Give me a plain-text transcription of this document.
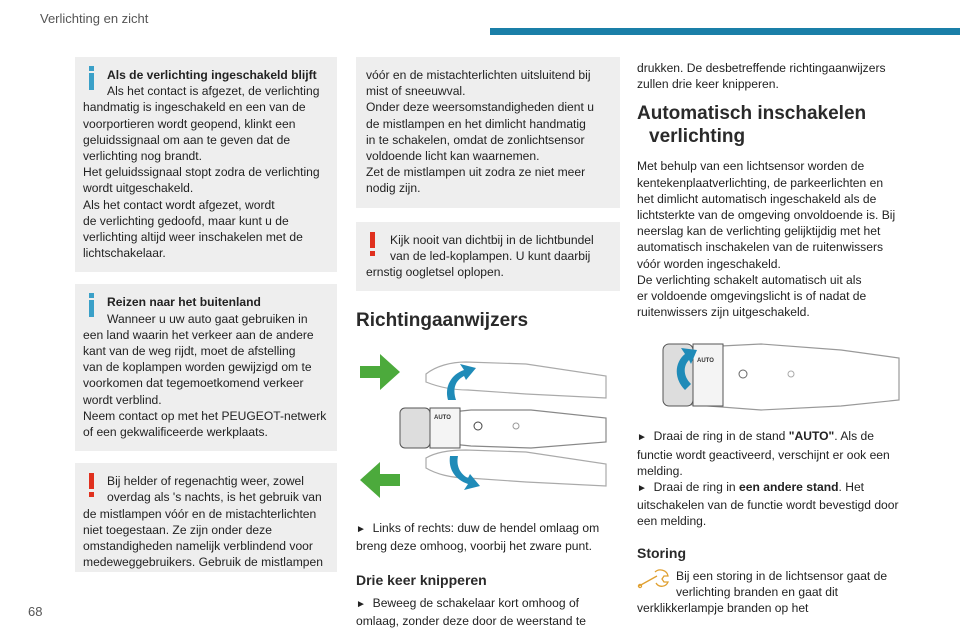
Verlichting en zicht
Als de verlichting ingeschakeld blijft
Als het contact is afgezet, de verlichting
handmatig is ingeschakeld en een van de
voorportieren wordt geopend, klinkt een
geluidssignaal om aan te geven dat de
verlichting nog brandt.
Het geluidssignaal stopt zodra de verlichting
wordt uitgeschakeld.
Als het contact wordt afgezet, wordt
de verlichting gedoofd, maar kunt u de
verlichting altijd weer inschakelen met de
lichtschakelaar.
Reizen naar het buitenland
Wanneer u uw auto gaat gebruiken in
een land waarin het verkeer aan de andere
kant van de weg rijdt, moet de afstelling
van de koplampen worden gewijzigd om te
voorkomen dat tegemoetkomend verkeer
wordt verblind.
Neem contact op met het PEUGEOT-netwerk
of een gekwalificeerde werkplaats.
Bij helder of regenachtig weer, zowel
overdag als 's nachts, is het gebruik van
de mistlampen vóór en de mistachterlichten
niet toegestaan. Ze zijn onder deze
omstandigheden namelijk verblindend voor
medeweggebruikers. Gebruik de mistlampen
vóór en de mistachterlichten uitsluitend bij
mist of sneeuwval.
Onder deze weersomstandigheden dient u
de mistlampen en het dimlicht handmatig
in te schakelen, omdat de zonlichtsensor
voldoende licht kan waarnemen.
Zet de mistlampen uit zodra ze niet meer
nodig zijn.
Kijk nooit van dichtbij in de lichtbundel
van de led-koplampen. U kunt daarbij
ernstig oogletsel oplopen.
Richtingaanwijzers
AUTO
► Links of rechts: duw de hendel omlaag om
breng deze omhoog, voorbij het zware punt.
Drie keer knipperen
► Beweeg de schakelaar kort omhoog of
omlaag, zonder deze door de weerstand te
drukken. De desbetreffende richtingaanwijzers
zullen drie keer knipperen.
Automatisch inschakelen
verlichting
Met behulp van een lichtsensor worden de
kentekenplaatverlichting, de parkeerlichten en
het dimlicht automatisch ingeschakeld als de
lichtsterkte van de omgeving onvoldoende is. Bij
neerslag kan de verlichting gelijktijdig met het
automatisch inschakelen van de ruitenwissers
vóór worden ingeschakeld.
De verlichting schakelt automatisch uit als
er voldoende omgevingslicht is of nadat de
ruitenwissers zijn uitgeschakeld.
AUTO
► Draai de ring in de stand "AUTO". Als de
functie wordt geactiveerd, verschijnt er ook een
melding.
► Draai de ring in een andere stand. Het
uitschakelen van de functie wordt bevestigd door
een melding.
Storing
Bij een storing in de lichtsensor gaat de
verlichting branden en gaat dit
verklikkerlampje branden op het
68
